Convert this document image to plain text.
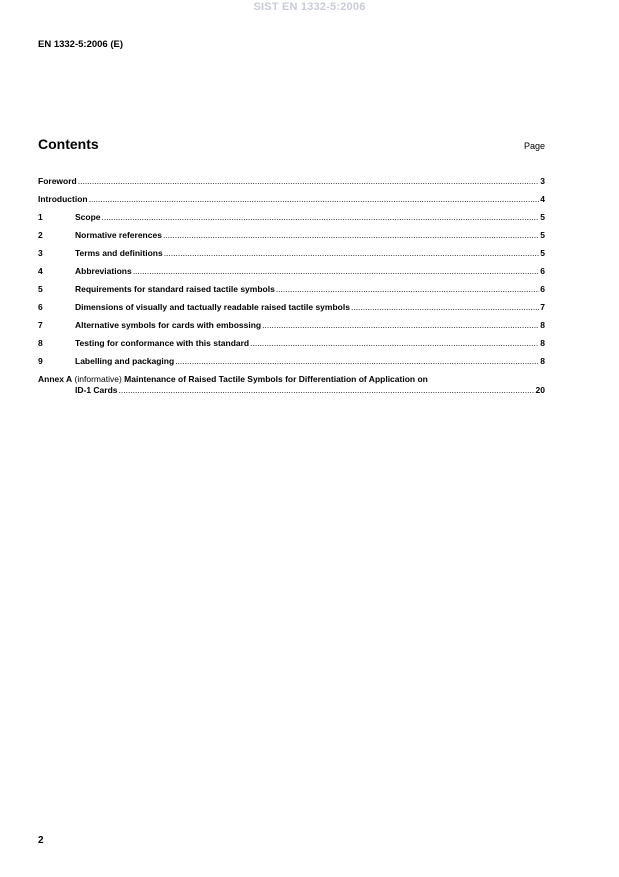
SIST EN 1332-5:2006
EN 1332-5:2006 (E)
Contents	Page
Foreword .....	3
Introduction .....	4
1	Scope .....	5
2	Normative references .....	5
3	Terms and definitions .....	5
4	Abbreviations .....	6
5	Requirements for standard raised tactile symbols .....	6
6	Dimensions of visually and tactually readable raised tactile symbols .....	7
7	Alternative symbols for cards with embossing .....	8
8	Testing for conformance with this standard .....	8
9	Labelling and packaging .....	8
Annex A (informative) Maintenance of Raised Tactile Symbols for Differentiation of Application on
ID-1 Cards .....	20
2
